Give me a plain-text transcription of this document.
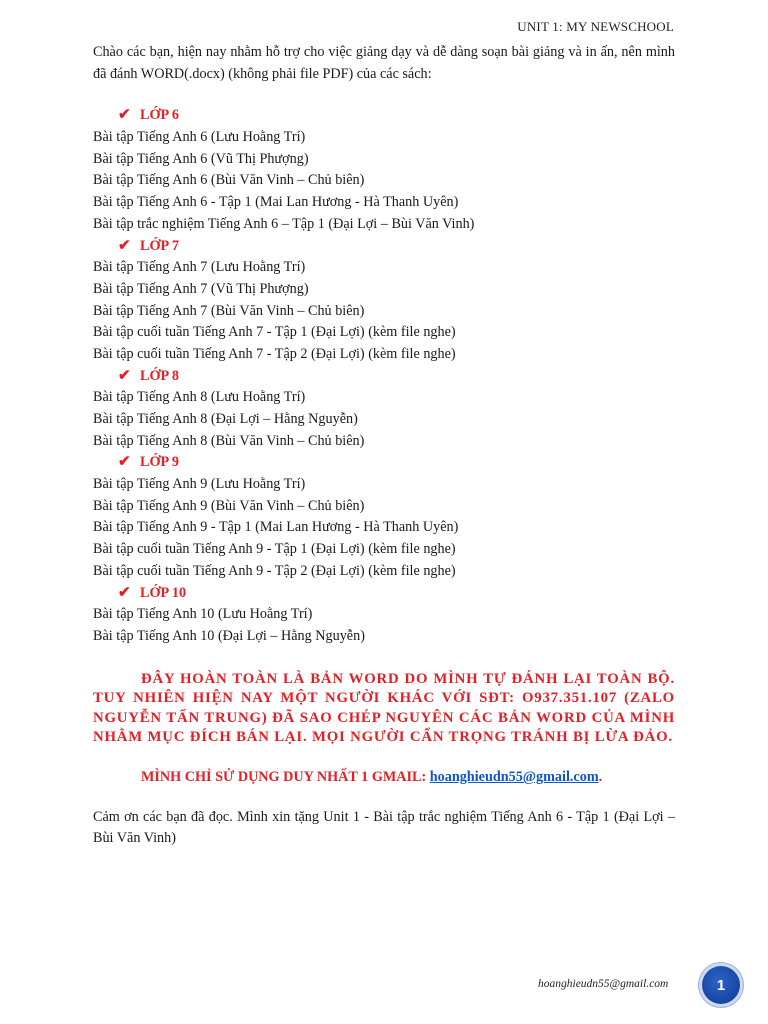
UNIT 1: MY NEWSCHOOL

Chào các bạn, hiện nay nhằm hỗ trợ cho việc giảng dạy và dễ dàng soạn bài giảng và in ấn, nên mình đã đánh WORD(.docx) (không phải file PDF) của các sách:

✔ LỚP 6
Bài tập Tiếng Anh 6 (Lưu Hoằng Trí)
Bài tập Tiếng Anh 6 (Vũ Thị Phượng)
Bài tập Tiếng Anh 6 (Bùi Văn Vinh – Chủ biên)
Bài tập Tiếng Anh 6 - Tập 1 (Mai Lan Hương - Hà Thanh Uyên)
Bài tập trắc nghiệm Tiếng Anh 6 – Tập 1 (Đại Lợi – Bùi Văn Vinh)
✔ LỚP 7
Bài tập Tiếng Anh 7 (Lưu Hoằng Trí)
Bài tập Tiếng Anh 7 (Vũ Thị Phượng)
Bài tập Tiếng Anh 7 (Bùi Văn Vinh – Chủ biên)
Bài tập cuối tuần Tiếng Anh 7 - Tập 1 (Đại Lợi) (kèm file nghe)
Bài tập cuối tuần Tiếng Anh 7 - Tập 2 (Đại Lợi) (kèm file nghe)
✔ LỚP 8
Bài tập Tiếng Anh 8 (Lưu Hoằng Trí)
Bài tập Tiếng Anh 8 (Đại Lợi – Hằng Nguyễn)
Bài tập Tiếng Anh 8 (Bùi Văn Vinh – Chủ biên)
✔ LỚP 9
Bài tập Tiếng Anh 9 (Lưu Hoằng Trí)
Bài tập Tiếng Anh 9 (Bùi Văn Vinh – Chủ biên)
Bài tập Tiếng Anh 9 - Tập 1 (Mai Lan Hương - Hà Thanh Uyên)
Bài tập cuối tuần Tiếng Anh 9 - Tập 1 (Đại Lợi) (kèm file nghe)
Bài tập cuối tuần Tiếng Anh 9 - Tập 2 (Đại Lợi) (kèm file nghe)
✔ LỚP 10
Bài tập Tiếng Anh 10 (Lưu Hoằng Trí)
Bài tập Tiếng Anh 10 (Đại Lợi – Hằng Nguyễn)
ĐÂY HOÀN TOÀN LÀ BẢN WORD DO MÌNH TỰ ĐÁNH LẠI TOÀN BỘ. TUY NHIÊN HIỆN NAY MỘT NGƯỜI KHÁC VỚI SĐT: O937.351.107 (ZALO NGUYỄN TẤN TRUNG) ĐÃ SAO CHÉP NGUYÊN CÁC BẢN WORD CỦA MÌNH NHẰM MỤC ĐÍCH BÁN LẠI. MỌI NGƯỜI CẨN TRỌNG TRÁNH BỊ LỪA ĐẢO.
MÌNH CHỈ SỬ DỤNG DUY NHẤT 1 GMAIL: hoanghieudn55@gmail.com.

Cảm ơn các bạn đã đọc. Mình xin tặng Unit 1 - Bài tập trắc nghiệm Tiếng Anh 6 - Tập 1 (Đại Lợi – Bùi Văn Vinh)

hoanghieudn55@gmail.com	1
